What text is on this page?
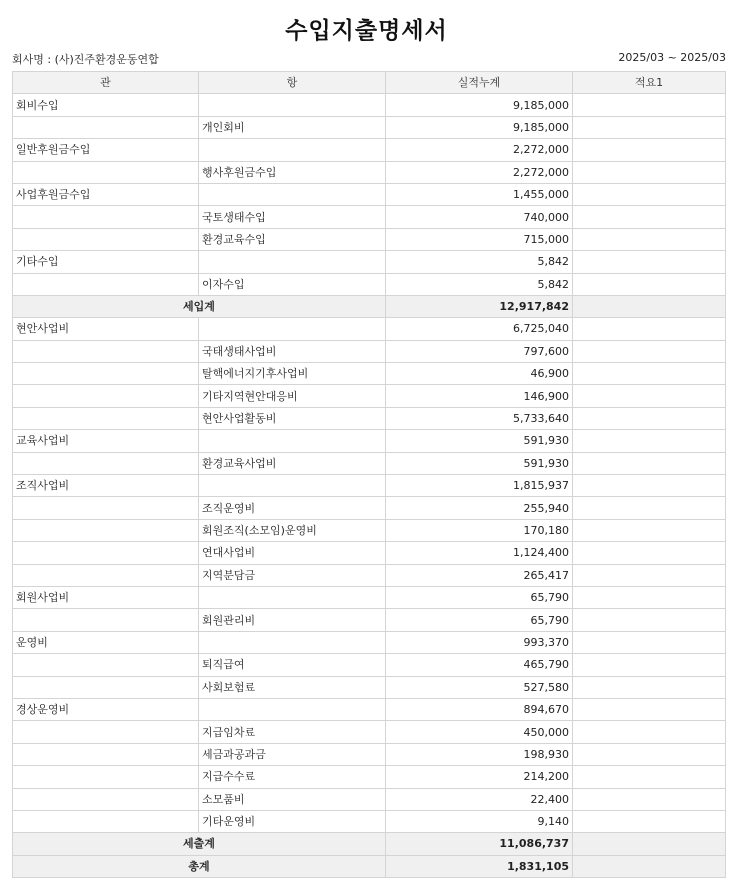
수입지출명세서
회사명 : (사)진주환경운동연합	2025/03 ~ 2025/03
관	항	실적누계	적요1
회비수입		9,185,000	
	개인회비	9,185,000	
일반후원금수입		2,272,000	
	행사후원금수입	2,272,000	
사업후원금수입		1,455,000	
	국토생태수입	740,000	
	환경교육수입	715,000	
기타수입		5,842	
	이자수입	5,842	
세입계		12,917,842	
현안사업비		6,725,040	
	국태생태사업비	797,600	
	탈핵에너지기후사업비	46,900	
	기타지역현안대응비	146,900	
	현안사업활동비	5,733,640	
교육사업비		591,930	
	환경교육사업비	591,930	
조직사업비		1,815,937	
	조직운영비	255,940	
	회원조직(소모임)운영비	170,180	
	연대사업비	1,124,400	
	지역분담금	265,417	
회원사업비		65,790	
	회원관리비	65,790	
운영비		993,370	
	퇴직급여	465,790	
	사회보험료	527,580	
경상운영비		894,670	
	지급임차료	450,000	
	세금과공과금	198,930	
	지급수수료	214,200	
	소모품비	22,400	
	기타운영비	9,140	
세출계		11,086,737	
총계		1,831,105	
